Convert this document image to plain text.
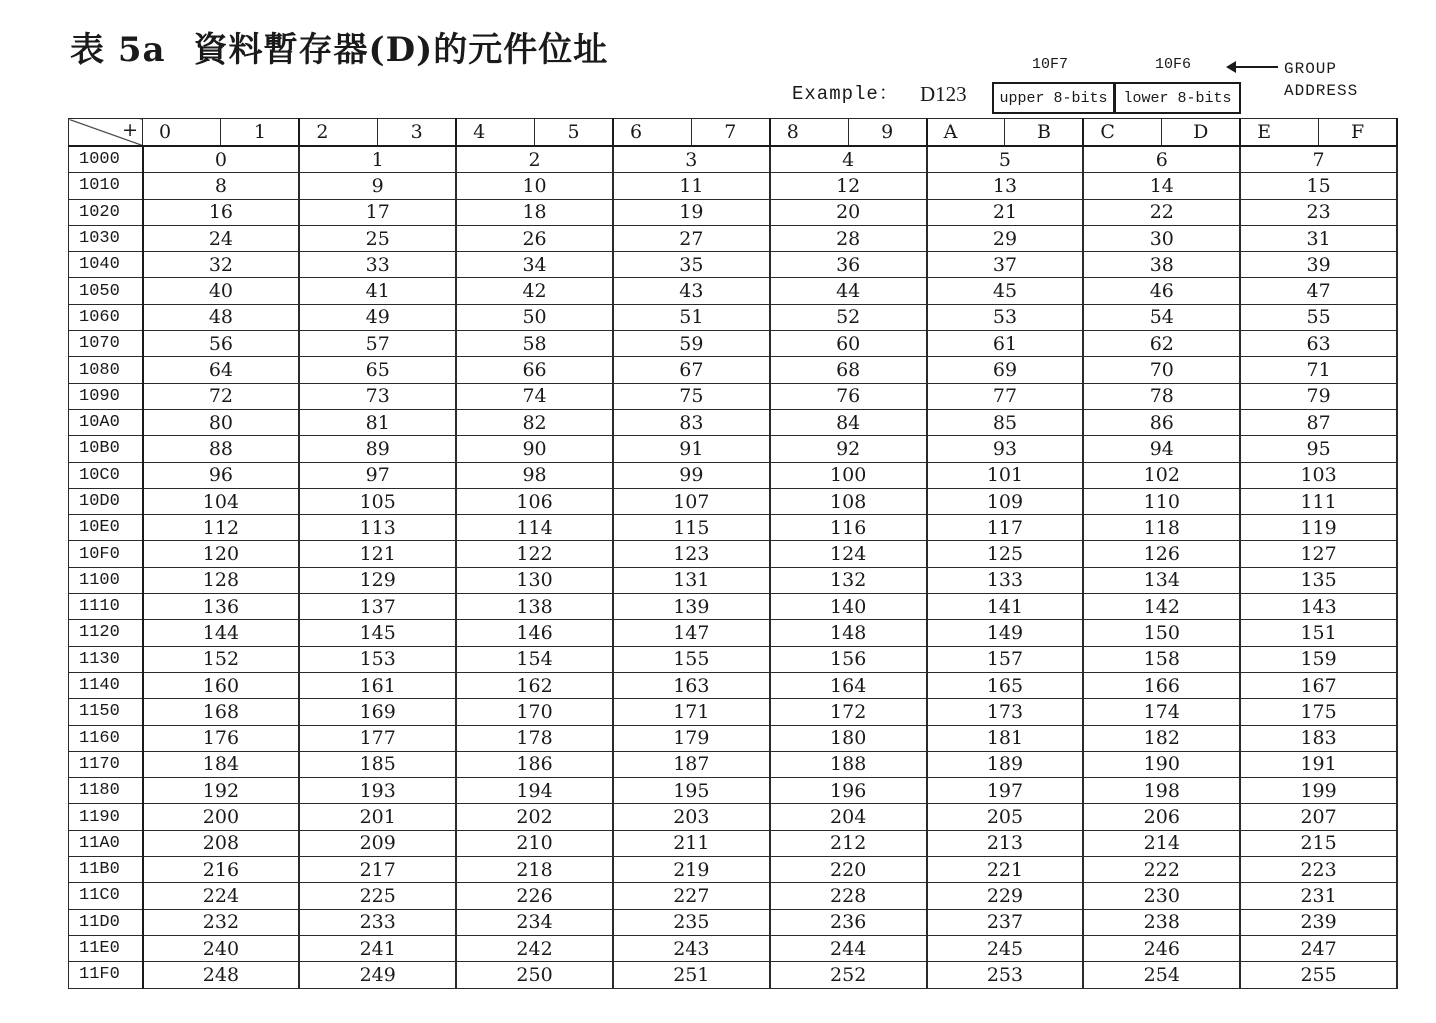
表 5a 資料暫存器(D)的元件位址
Example： D123
10F7	10F6	GROUP
ADDRESS
upper 8-bits	lower 8-bits
+	0	1	2	3	4	5	6	7	8	9	A	B	C	D	E	F
1000	0		1		2		3		4		5		6		7	
1010	8		9		10		11		12		13		14		15	
1020	16		17		18		19		20		21		22		23	
1030	24		25		26		27		28		29		30		31	
1040	32		33		34		35		36		37		38		39	
1050	40		41		42		43		44		45		46		47	
1060	48		49		50		51		52		53		54		55	
1070	56		57		58		59		60		61		62		63	
1080	64		65		66		67		68		69		70		71	
1090	72		73		74		75		76		77		78		79	
10A0	80		81		82		83		84		85		86		87	
10B0	88		89		90		91		92		93		94		95	
10C0	96		97		98		99		100		101		102		103	
10D0	104		105		106		107		108		109		110		111	
10E0	112		113		114		115		116		117		118		119	
10F0	120		121		122		123		124		125		126		127	
1100	128		129		130		131		132		133		134		135	
1110	136		137		138		139		140		141		142		143	
1120	144		145		146		147		148		149		150		151	
1130	152		153		154		155		156		157		158		159	
1140	160		161		162		163		164		165		166		167	
1150	168		169		170		171		172		173		174		175	
1160	176		177		178		179		180		181		182		183	
1170	184		185		186		187		188		189		190		191	
1180	192		193		194		195		196		197		198		199	
1190	200		201		202		203		204		205		206		207	
11A0	208		209		210		211		212		213		214		215	
11B0	216		217		218		219		220		221		222		223	
11C0	224		225		226		227		228		229		230		231	
11D0	232		233		234		235		236		237		238		239	
11E0	240		241		242		243		244		245		246		247	
11F0	248		249		250		251		252		253		254		255	
